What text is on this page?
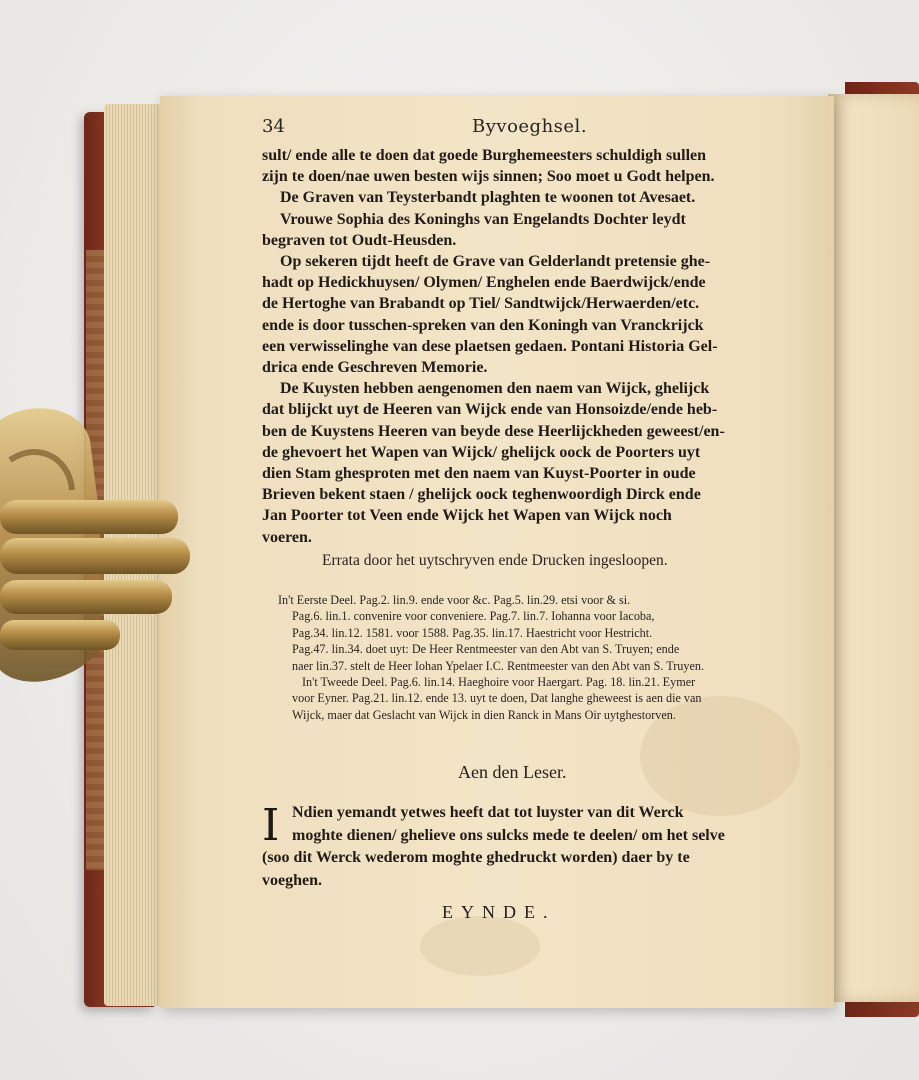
34	Byvoeghsel.

sult/ ende alle te doen dat goede Burghemeesters schuldigh sullen

zijn te doen/nae uwen besten wijs sinnen; Soo moet u Godt helpen.

De Graven van Teysterbandt plaghten te woonen tot Avesaet.

Vrouwe Sophia des Koninghs van Engelandts Dochter leydt

begraven tot Oudt-Heusden.

Op sekeren tijdt heeft de Grave van Gelderlandt pretensie ghe-

hadt op Hedickhuysen/ Olymen/ Enghelen ende Baerdwijck/ende

de Hertoghe van Brabandt op Tiel/ Sandtwijck/Herwaerden/etc.

ende is door tusschen-spreken van den Koningh van Vranckrijck

een verwisselinghe van dese plaetsen gedaen. Pontani Historia Gel-

drica ende Geschreven Memorie.

De Kuysten hebben aengenomen den naem van Wijck, ghelijck

dat blijckt uyt de Heeren van Wijck ende van Honsoizde/ende heb-

ben de Kuystens Heeren van beyde dese Heerlijckheden geweest/en-

de ghevoert het Wapen van Wijck/ ghelijck oock de Poorters uyt

dien Stam ghesproten met den naem van Kuyst-Poorter in oude

Brieven bekent staen / ghelijck oock teghenwoordigh Dirck ende

Jan Poorter tot Veen ende Wijck het Wapen van Wijck noch

voeren.

Errata door het uytschryven ende Drucken ingesloopen.

In't Eerste Deel. Pag.2. lin.9. ende voor &c. Pag.5. lin.29. etsi voor & si.

Pag.6. lin.1. convenire voor conveniere. Pag.7. lin.7. Iohanna voor Iacoba,

Pag.34. lin.12. 1581. voor 1588. Pag.35. lin.17. Haestricht voor Hestricht.

Pag.47. lin.34. doet uyt: De Heer Rentmeester van den Abt van S. Truyen; ende

naer lin.37. stelt de Heer Iohan Ypelaer I.C. Rentmeester van den Abt van S. Truyen.

In't Tweede Deel. Pag.6. lin.14. Haeghoire voor Haergart. Pag. 18. lin.21. Eymer

voor Eyner. Pag.21. lin.12. ende 13. uyt te doen, Dat langhe gheweest is aen die van

Wijck, maer dat Geslacht van Wijck in dien Ranck in Mans Oir uytghestorven.

Aen den Leser.
I Ndien yemandt yetwes heeft dat tot luyster van dit Werck

moghte dienen/ ghelieve ons sulcks mede te deelen/ om het selve

(soo dit Werck wederom moghte ghedruckt worden) daer by te

voeghen.

EYNDE.
